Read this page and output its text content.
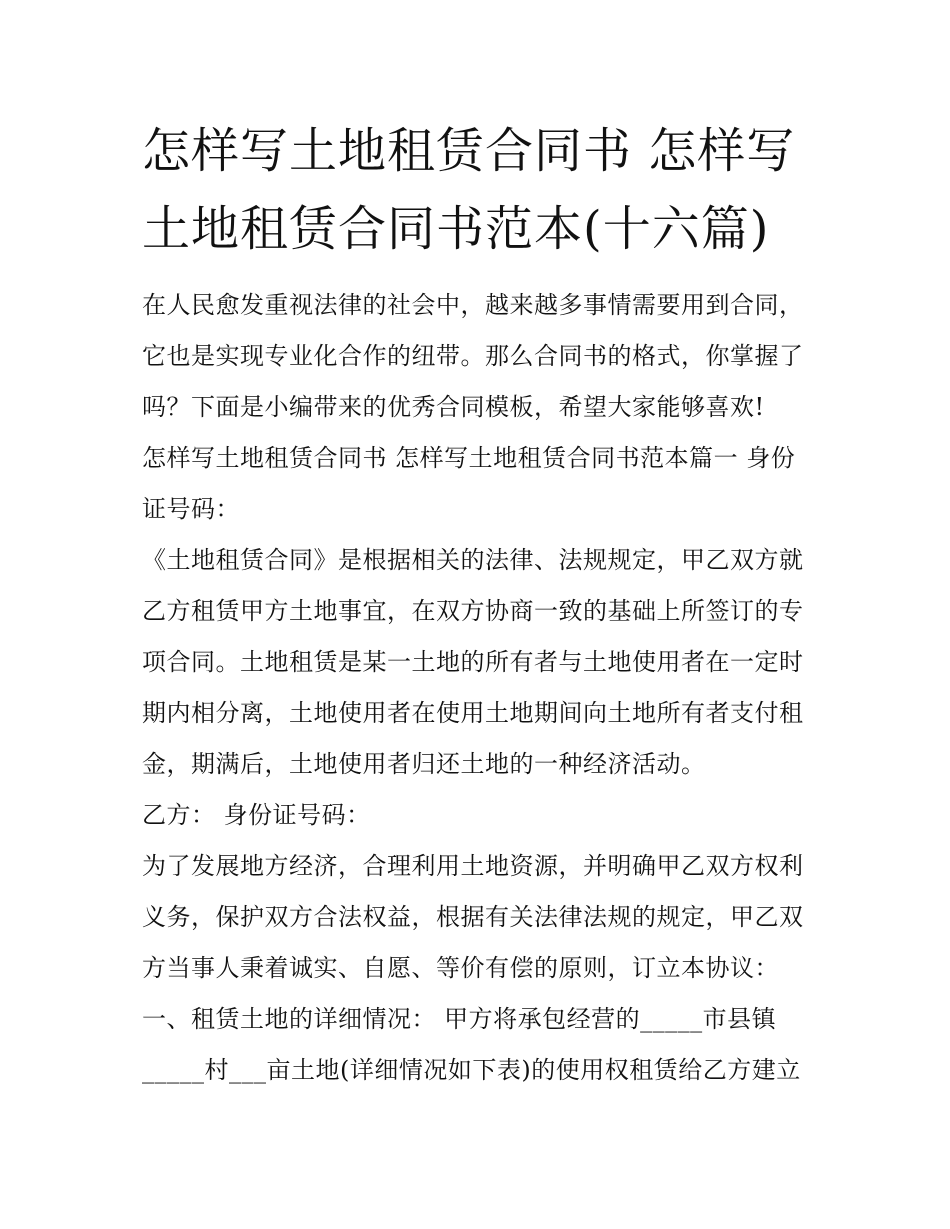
怎样写土地租赁合同书 怎样写
土地租赁合同书范本(十六篇)

在人民愈发重视法律的社会中，越来越多事情需要用到合同，

它也是实现专业化合作的纽带。那么合同书的格式，你掌握了

吗？下面是小编带来的优秀合同模板，希望大家能够喜欢!

怎样写土地租赁合同书 怎样写土地租赁合同书范本篇一 身份

证号码：

《土地租赁合同》是根据相关的法律、法规规定，甲乙双方就

乙方租赁甲方土地事宜，在双方协商一致的基础上所签订的专

项合同。土地租赁是某一土地的所有者与土地使用者在一定时

期内相分离，土地使用者在使用土地期间向土地所有者支付租

金，期满后，土地使用者归还土地的一种经济活动。

乙方： 身份证号码：

为了发展地方经济，合理利用土地资源，并明确甲乙双方权利

义务，保护双方合法权益，根据有关法律法规的规定，甲乙双

方当事人秉着诚实、自愿、等价有偿的原则，订立本协议：

一、租赁土地的详细情况： 甲方将承包经营的_____市县镇

_____村___亩土地(详细情况如下表)的使用权租赁给乙方建立
